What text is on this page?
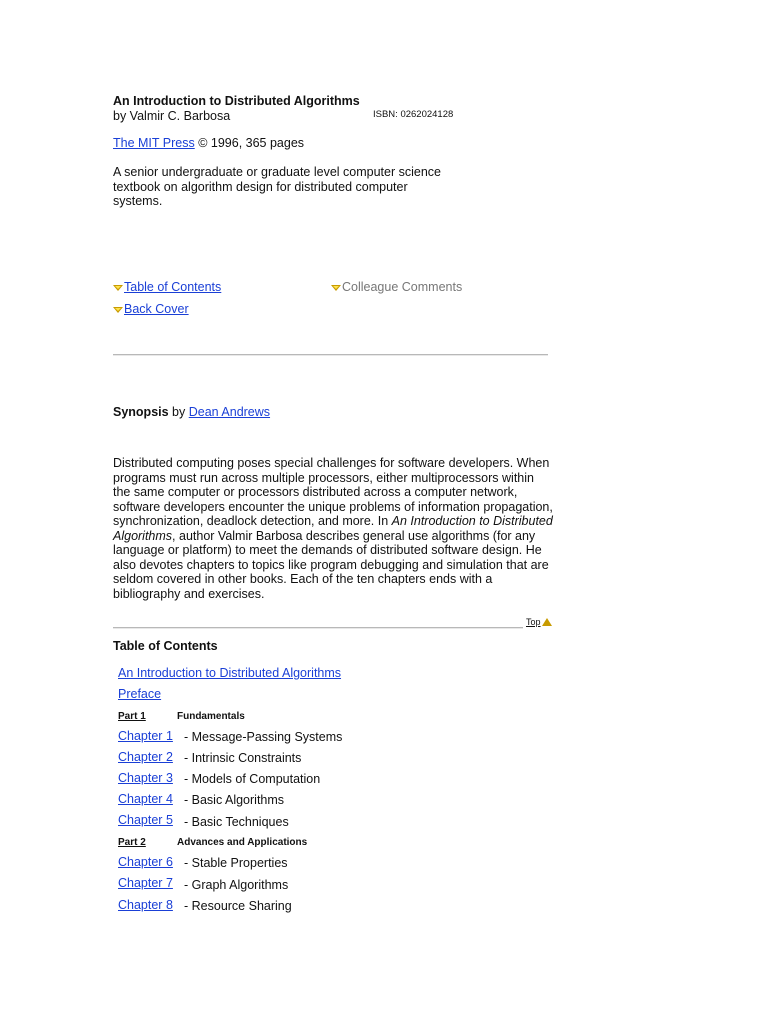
An Introduction to Distributed Algorithms
by Valmir C. Barbosa	ISBN: 0262024128
The MIT Press © 1996, 365 pages
A senior undergraduate or graduate level computer science textbook on algorithm design for distributed computer systems.
Table of Contents	Colleague Comments
Back Cover
Synopsis by Dean Andrews
Distributed computing poses special challenges for software developers. When programs must run across multiple processors, either multiprocessors within the same computer or processors distributed across a computer network, software developers encounter the unique problems of information propagation, synchronization, deadlock detection, and more. In An Introduction to Distributed Algorithms, author Valmir Barbosa describes general use algorithms (for any language or platform) to meet the demands of distributed software design. He also devotes chapters to topics like program debugging and simulation that are seldom covered in other books. Each of the ten chapters ends with a bibliography and exercises.
Top
Table of Contents
An Introduction to Distributed Algorithms
Preface
Part 1	Fundamentals
Chapter 1 - Message-Passing Systems
Chapter 2 - Intrinsic Constraints
Chapter 3 - Models of Computation
Chapter 4 - Basic Algorithms
Chapter 5 - Basic Techniques
Part 2	Advances and Applications
Chapter 6 - Stable Properties
Chapter 7 - Graph Algorithms
Chapter 8 - Resource Sharing
